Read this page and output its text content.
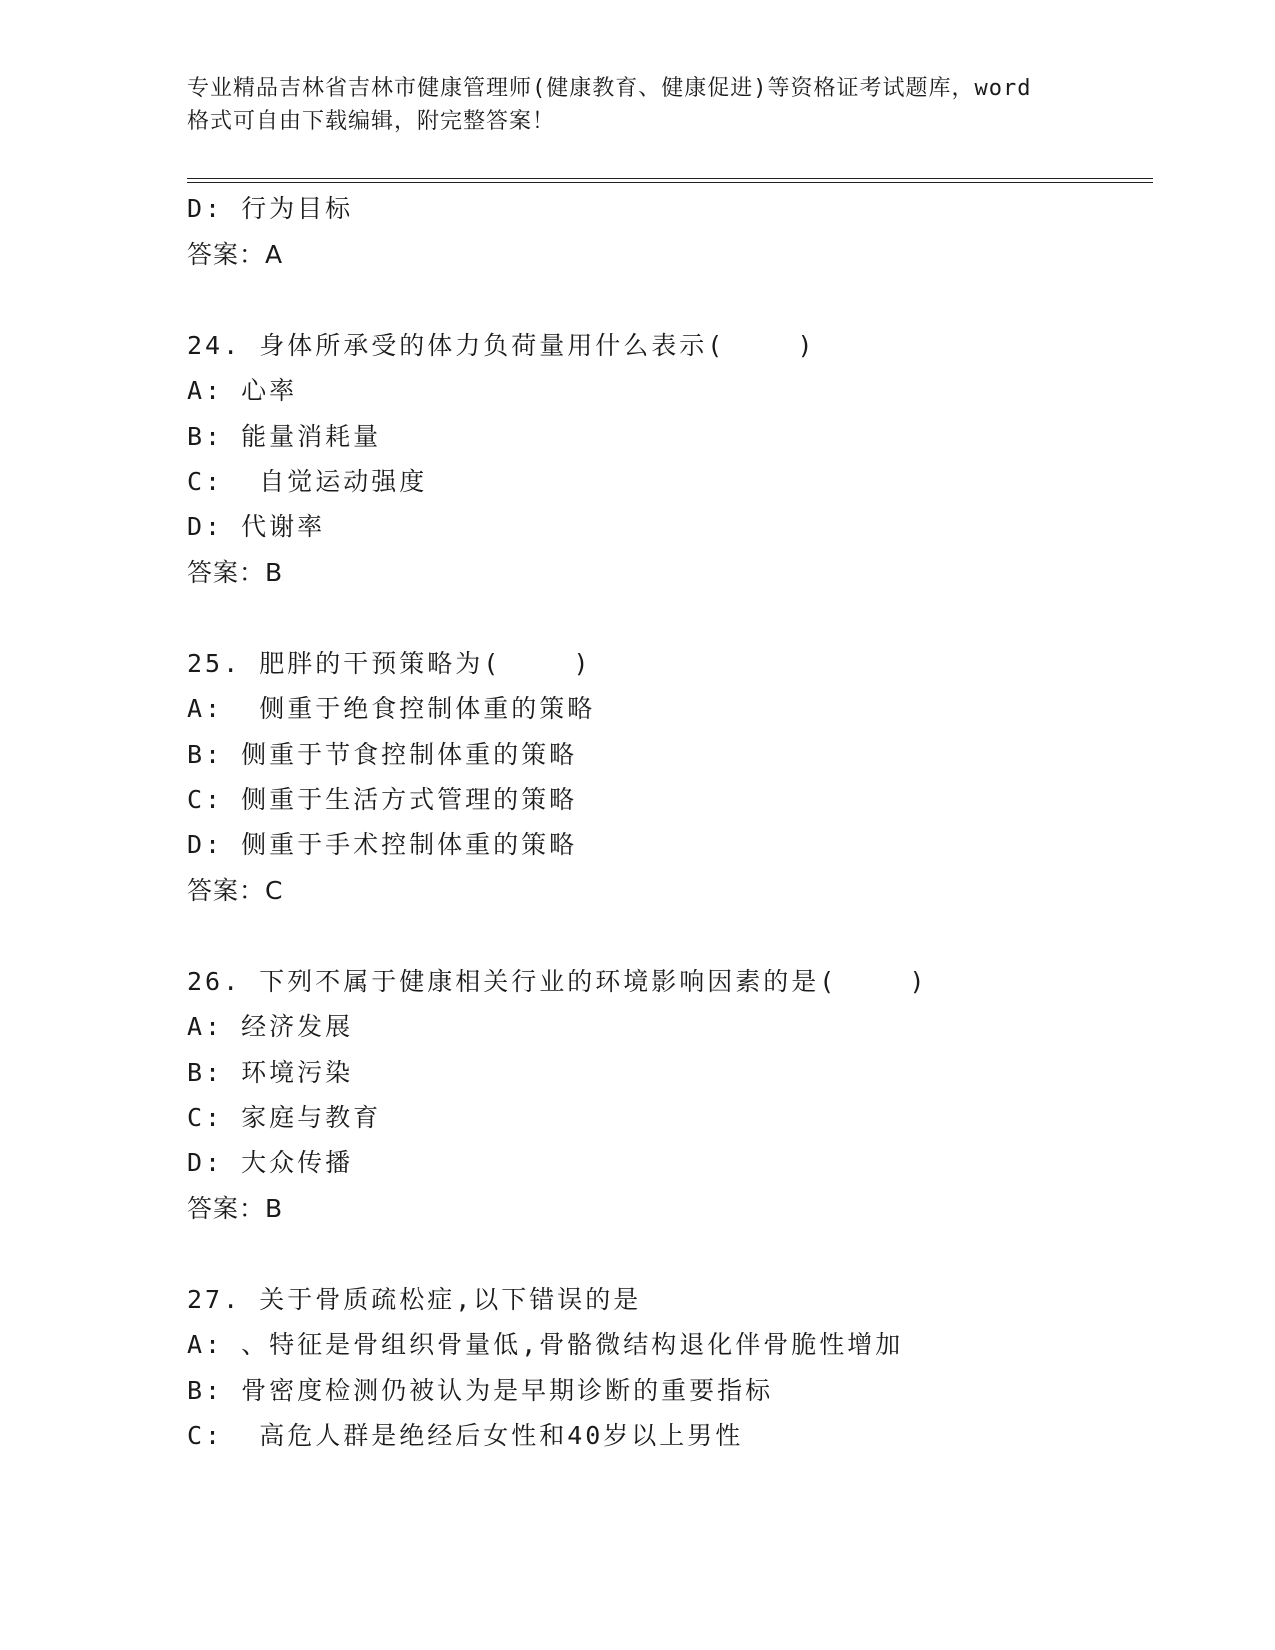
专业精品吉林省吉林市健康管理师(健康教育、健康促进)等资格证考试题库，word
格式可自由下载编辑，附完整答案！
D: 行为目标
答案：A
24. 身体所承受的体力负荷量用什么表示(    )
A: 心率
B: 能量消耗量
C:  自觉运动强度
D: 代谢率
答案：B
25. 肥胖的干预策略为(    )
A:  侧重于绝食控制体重的策略
B: 侧重于节食控制体重的策略
C: 侧重于生活方式管理的策略
D: 侧重于手术控制体重的策略
答案：C
26. 下列不属于健康相关行业的环境影响因素的是(    )
A: 经济发展
B: 环境污染
C: 家庭与教育
D: 大众传播
答案：B
27. 关于骨质疏松症,以下错误的是
A: 、特征是骨组织骨量低,骨骼微结构退化伴骨脆性增加
B: 骨密度检测仍被认为是早期诊断的重要指标
C:  高危人群是绝经后女性和40岁以上男性
